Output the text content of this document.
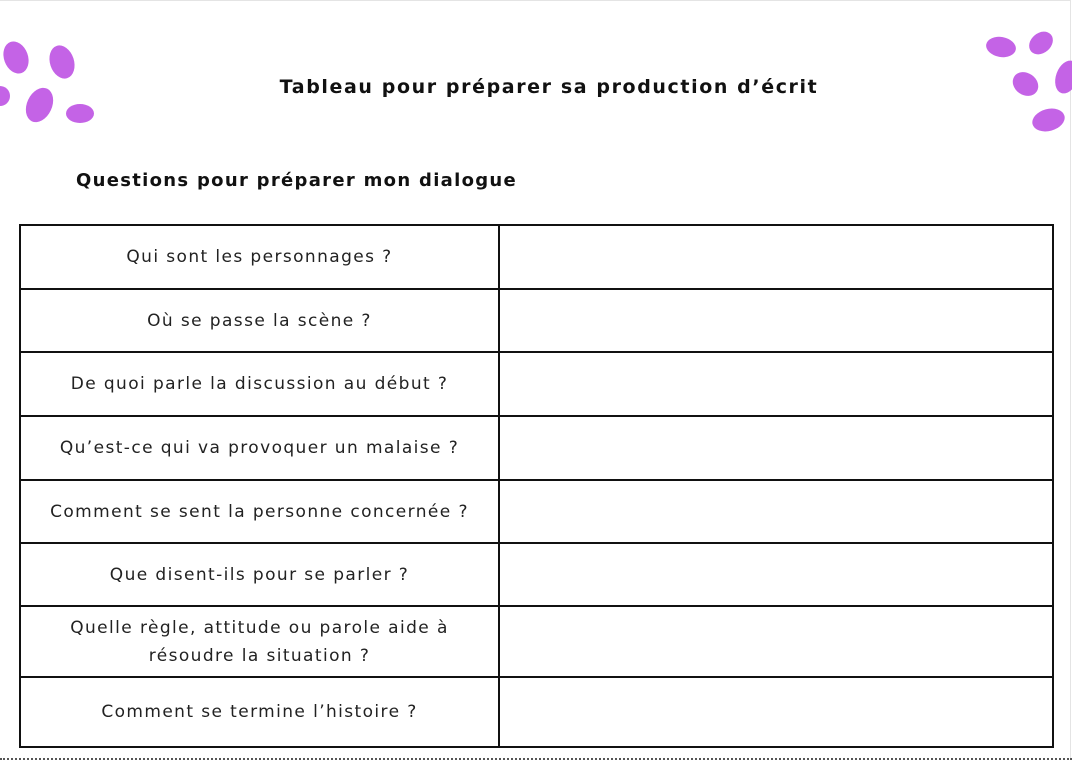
Tableau pour préparer sa production d’écrit
Questions pour préparer mon dialogue
Qui sont les personnages ?	
Où se passe la scène ?	
De quoi parle la discussion au début ?	
Qu’est-ce qui va provoquer un malaise ?	
Comment se sent la personne concernée ?	
Que disent-ils pour se parler ?	
Quelle règle, attitude ou parole aide à résoudre la situation ?	
Comment se termine l’histoire ?	
